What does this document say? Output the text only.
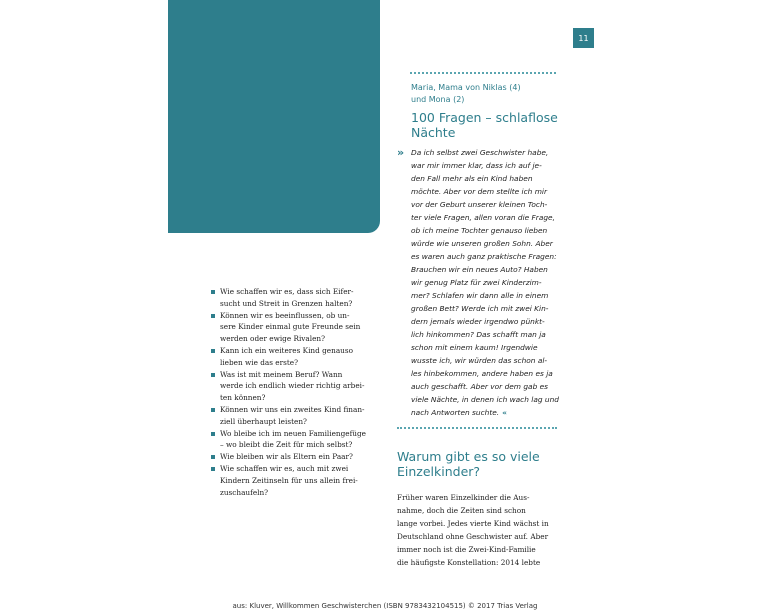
11
Maria, Mama von Niklas (4)
und Mona (2)
100 Fragen – schlaflose
Nächte
» Da ich selbst zwei Geschwister habe,
war mir immer klar, dass ich auf je-
den Fall mehr als ein Kind haben
möchte. Aber vor dem stellte ich mir
vor der Geburt unserer kleinen Toch-
ter viele Fragen, allen voran die Frage,
ob ich meine Tochter genauso lieben
würde wie unseren großen Sohn. Aber
es waren auch ganz praktische Fragen:
Brauchen wir ein neues Auto? Haben
wir genug Platz für zwei Kinderzim-
mer? Schlafen wir dann alle in einem
großen Bett? Werde ich mit zwei Kin-
dern jemals wieder irgendwo pünkt-
lich hinkommen? Das schafft man ja
schon mit einem kaum! Irgendwie
wusste ich, wir würden das schon al-
les hinbekommen, andere haben es ja
auch geschafft. Aber vor dem gab es
viele Nächte, in denen ich wach lag und
nach Antworten suchte. «
Wie schaffen wir es, dass sich Eifer-
sucht und Streit in Grenzen halten?
Können wir es beeinflussen, ob un-
sere Kinder einmal gute Freunde sein
werden oder ewige Rivalen?
Kann ich ein weiteres Kind genauso
lieben wie das erste?
Was ist mit meinem Beruf? Wann
werde ich endlich wieder richtig arbei-
ten können?
Können wir uns ein zweites Kind finan-
ziell überhaupt leisten?
Wo bleibe ich im neuen Familiengefüge
– wo bleibt die Zeit für mich selbst?
Wie bleiben wir als Eltern ein Paar?
Wie schaffen wir es, auch mit zwei
Kindern Zeitinseln für uns allein frei-
zuschaufeln?
Warum gibt es so viele
Einzelkinder?
Früher waren Einzelkinder die Aus-
nahme, doch die Zeiten sind schon
lange vorbei. Jedes vierte Kind wächst in
Deutschland ohne Geschwister auf. Aber
immer noch ist die Zwei-Kind-Familie
die häufigste Konstellation: 2014 lebte
aus: Kluver, Willkommen Geschwisterchen (ISBN 9783432104515) © 2017 Trias Verlag
